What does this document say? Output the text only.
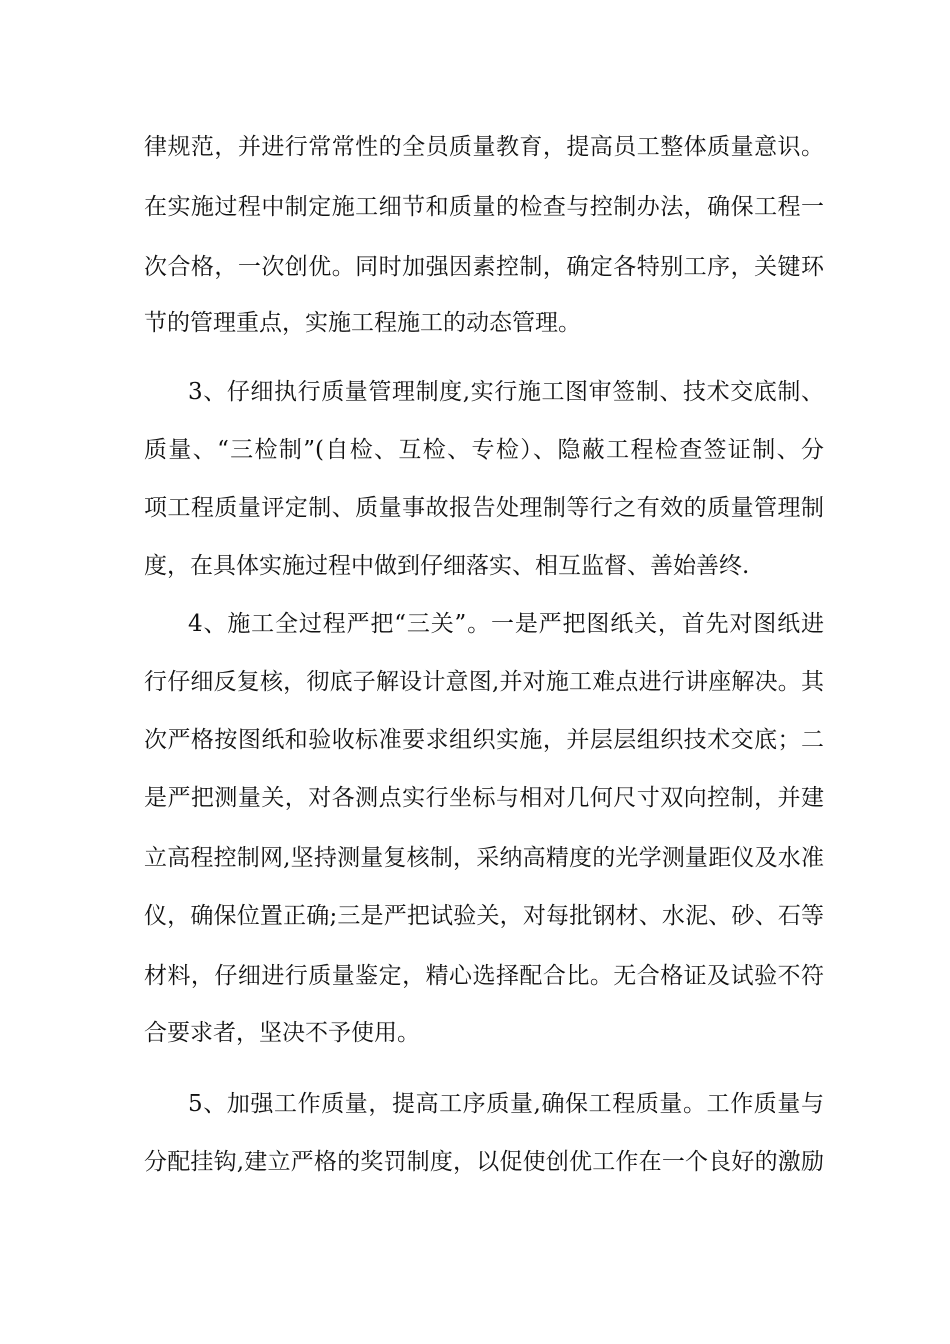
律规范，并进行常常性的全员质量教育，提高员工整体质量意识。
在实施过程中制定施工细节和质量的检查与控制办法，确保工程一
次合格，一次创优。同时加强因素控制，确定各特别工序，关键环
节的管理重点，实施工程施工的动态管理。
3、仔细执行质量管理制度,实行施工图审签制、技术交底制、
质量、“三检制”(自检、互检、专检）、隐蔽工程检查签证制、分
项工程质量评定制、质量事故报告处理制等行之有效的质量管理制
度，在具体实施过程中做到仔细落实、相互监督、善始善终.
4、施工全过程严把“三关”。一是严把图纸关，首先对图纸进
行仔细反复核，彻底子解设计意图,并对施工难点进行讲座解决。其
次严格按图纸和验收标准要求组织实施，并层层组织技术交底；二
是严把测量关，对各测点实行坐标与相对几何尺寸双向控制，并建
立高程控制网,坚持测量复核制，采纳高精度的光学测量距仪及水准
仪，确保位置正确;三是严把试验关，对每批钢材、水泥、砂、石等
材料，仔细进行质量鉴定，精心选择配合比。无合格证及试验不符
合要求者，坚决不予使用。
5、加强工作质量，提高工序质量,确保工程质量。工作质量与
分配挂钩,建立严格的奖罚制度，以促使创优工作在一个良好的激励
